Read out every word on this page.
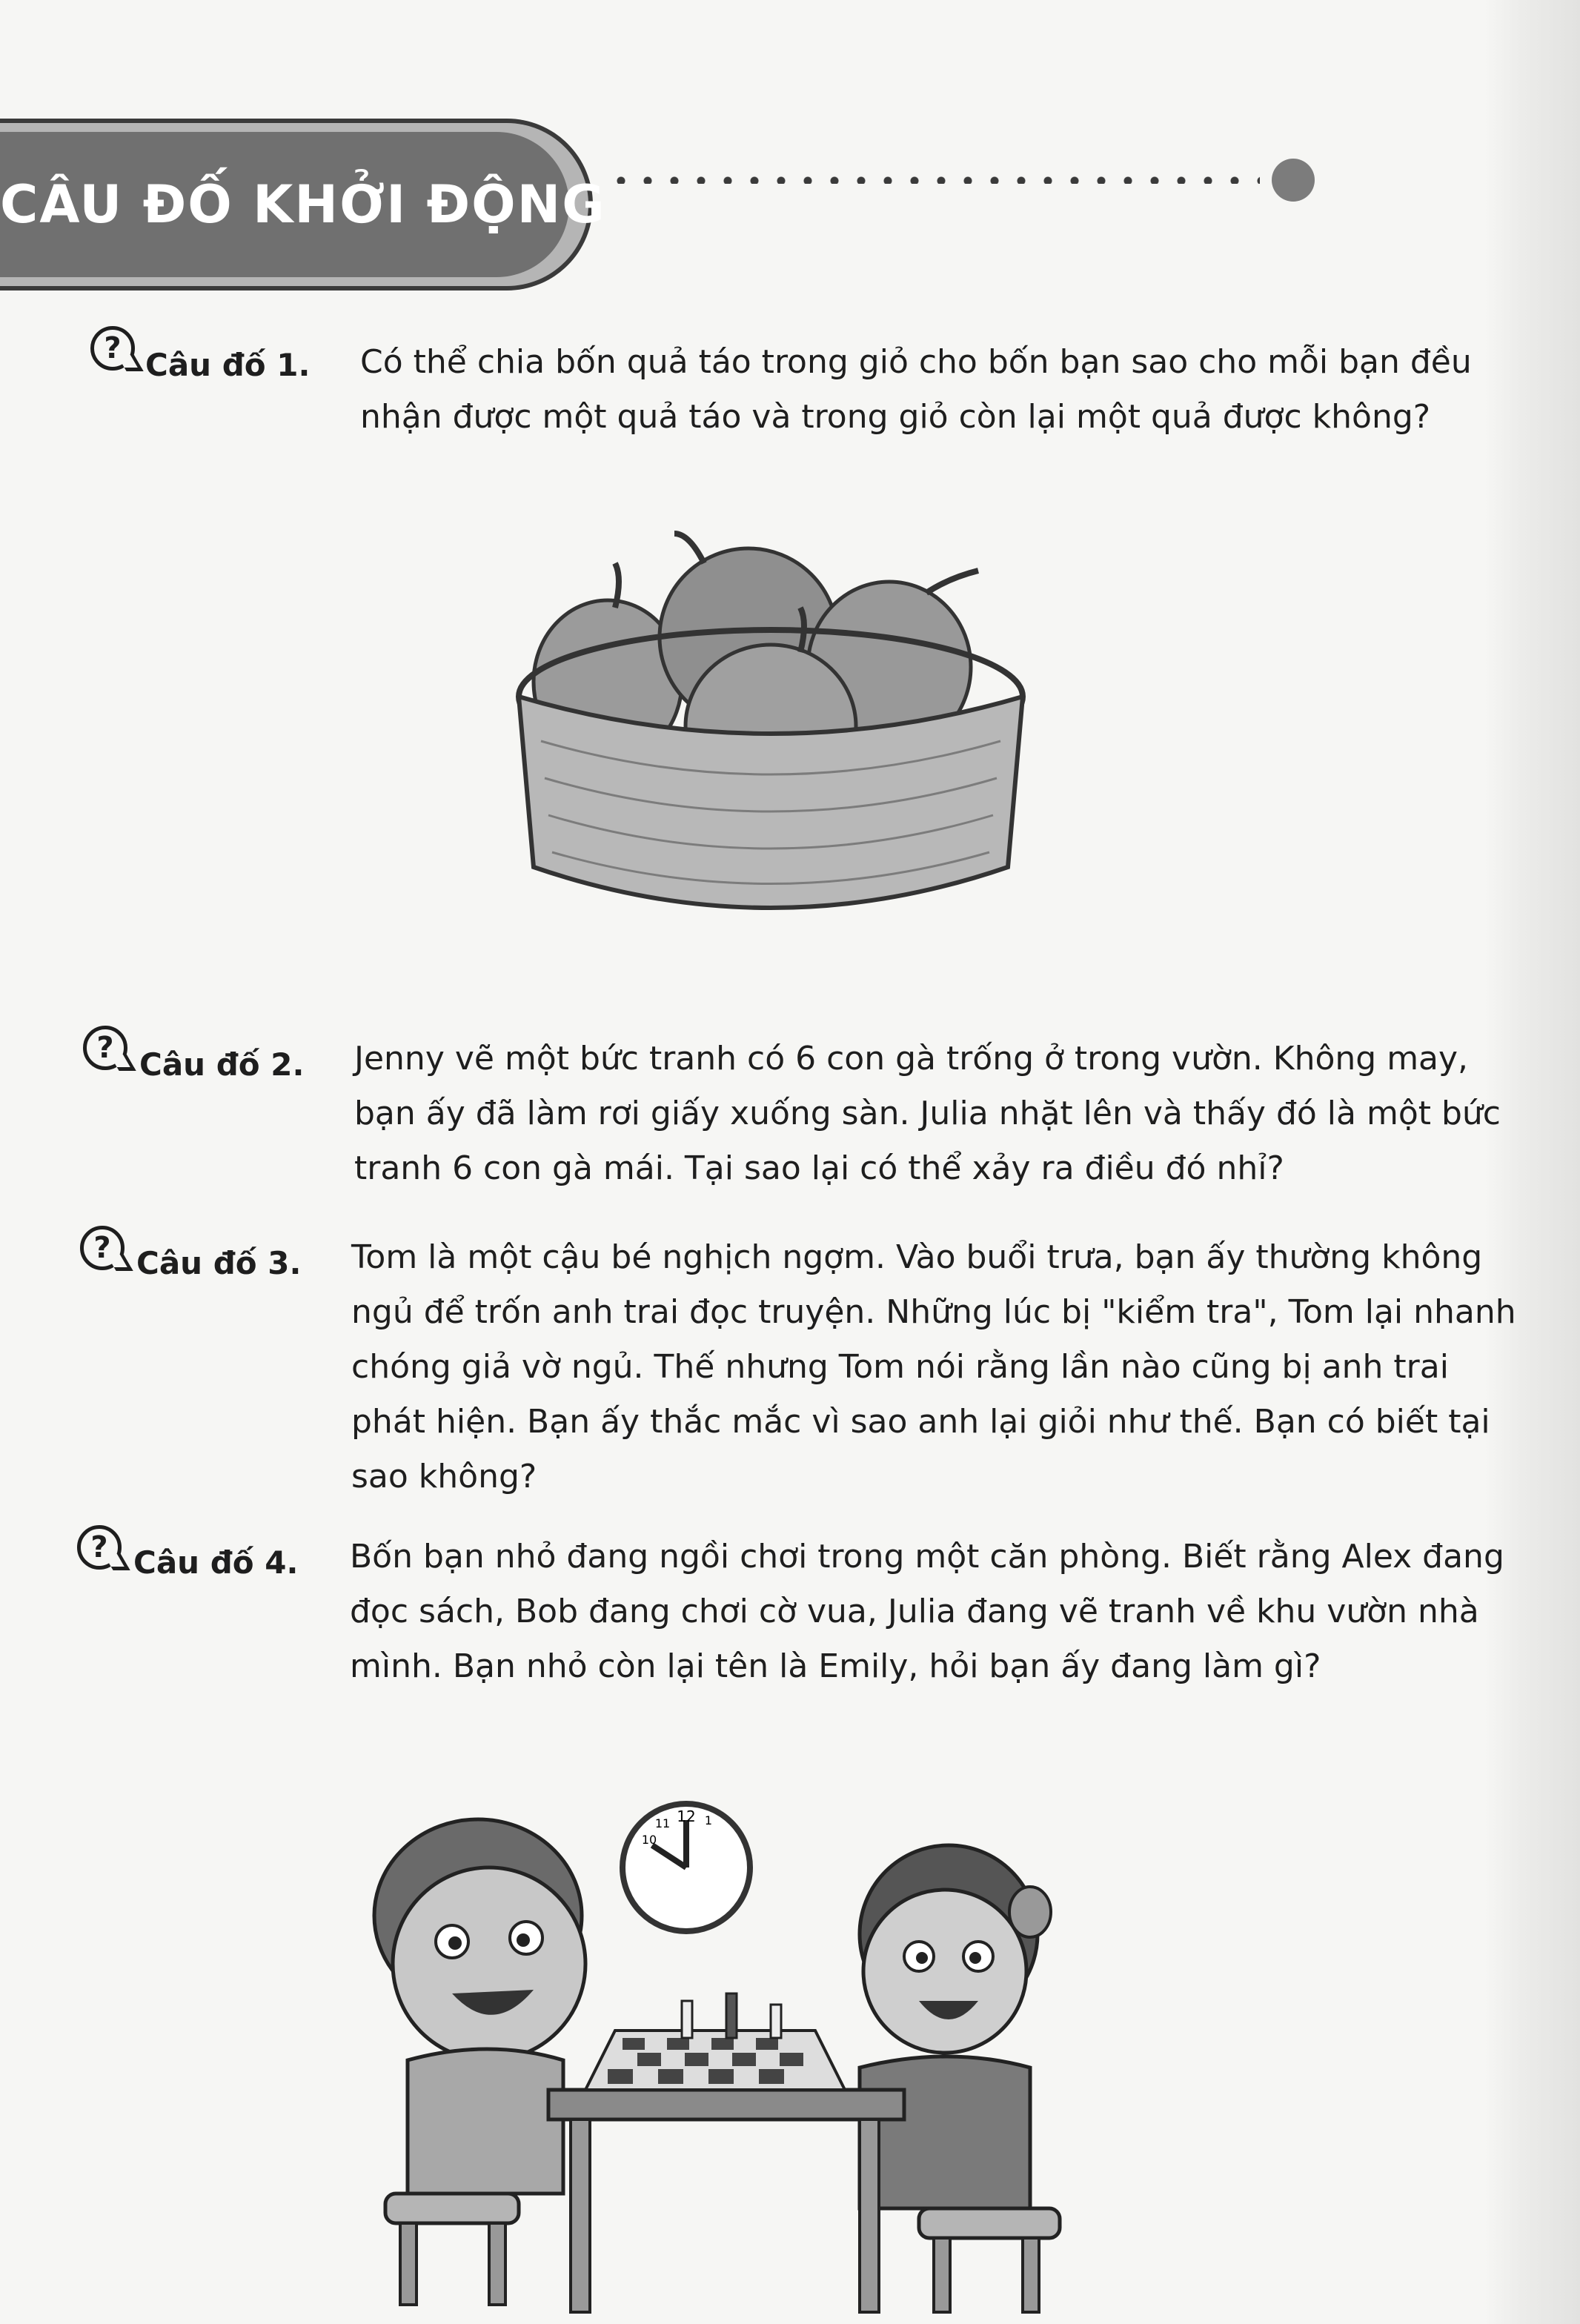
CÂU ĐỐ KHỞI ĐỘNG
? Câu đố 1. Có thể chia bốn quả táo trong giỏ cho bốn bạn sao cho mỗi bạn đều
nhận được một quả táo và trong giỏ còn lại một quả được không?
? Câu đố 2. Jenny vẽ một bức tranh có 6 con gà trống ở trong vườn. Không may,
bạn ấy đã làm rơi giấy xuống sàn. Julia nhặt lên và thấy đó là một bức
tranh 6 con gà mái. Tại sao lại có thể xảy ra điều đó nhỉ?
? Câu đố 3. Tom là một cậu bé nghịch ngợm. Vào buổi trưa, bạn ấy thường không
ngủ để trốn anh trai đọc truyện. Những lúc bị "kiểm tra", Tom lại nhanh
chóng giả vờ ngủ. Thế nhưng Tom nói rằng lần nào cũng bị anh trai
phát hiện. Bạn ấy thắc mắc vì sao anh lại giỏi như thế. Bạn có biết tại
sao không?
? Câu đố 4. Bốn bạn nhỏ đang ngồi chơi trong một căn phòng. Biết rằng Alex đang
đọc sách, Bob đang chơi cờ vua, Julia đang vẽ tranh về khu vườn nhà
mình. Bạn nhỏ còn lại tên là Emily, hỏi bạn ấy đang làm gì?
12
11
10
1
